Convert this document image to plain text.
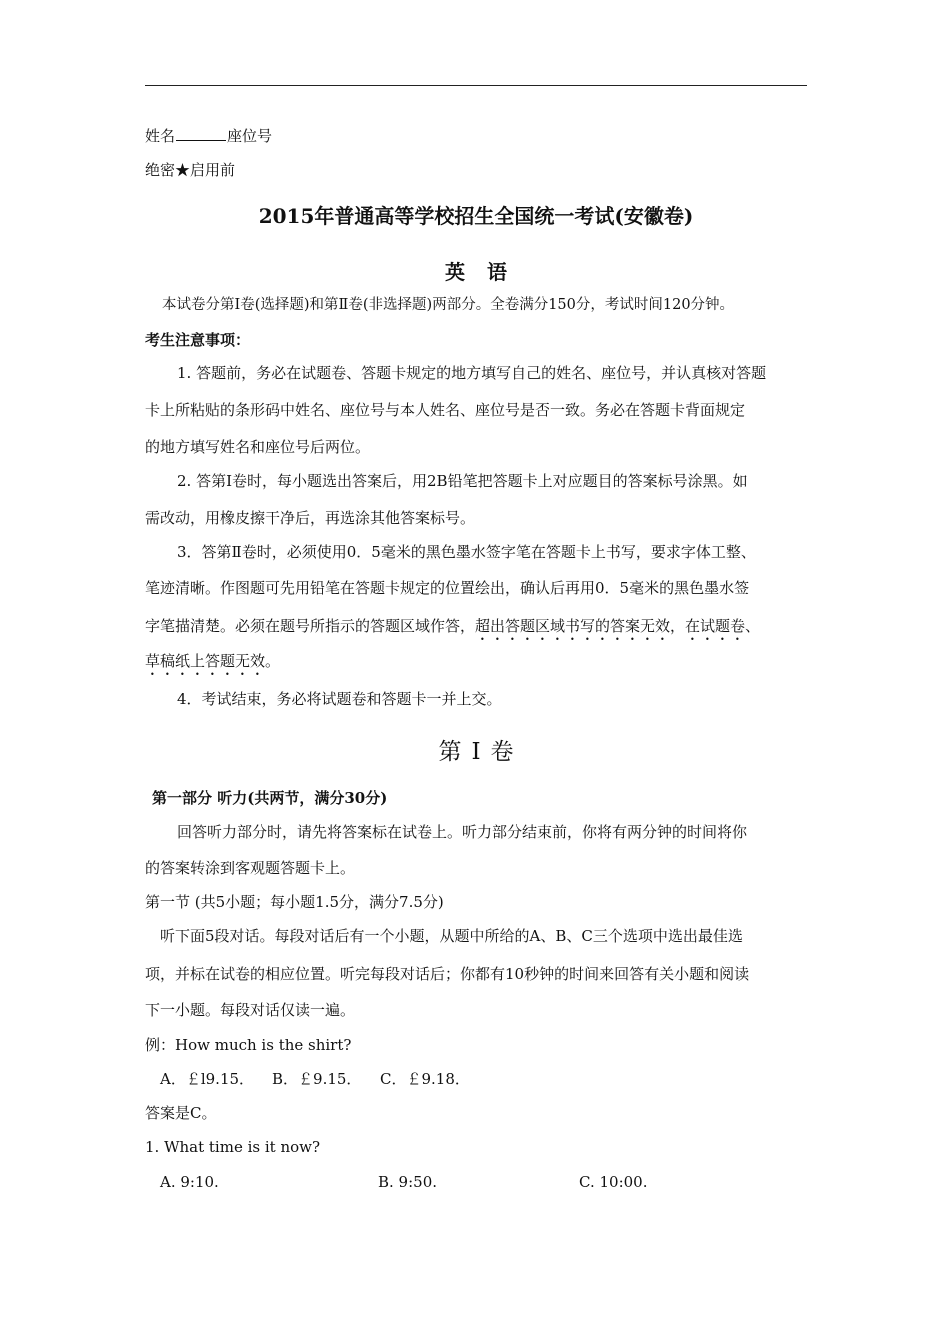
姓名	座位号
绝密★启用前
2015年普通高等学校招生全国统一考试(安徽卷)
英语
本试卷分第Ⅰ卷(选择题)和第Ⅱ卷(非选择题)两部分。全卷满分150分，考试时间120分钟。
考生注意事项：
1. 答题前，务必在试题卷、答题卡规定的地方填写自己的姓名、座位号，并认真核对答题
卡上所粘贴的条形码中姓名、座位号与本人姓名、座位号是否一致。务必在答题卡背面规定
的地方填写姓名和座位号后两位。
2. 答第Ⅰ卷时，每小题选出答案后，用2B铅笔把答题卡上对应题目的答案标号涂黑。如
需改动，用橡皮擦干净后，再选涂其他答案标号。
3．答第Ⅱ卷时，必须使用0．5毫米的黑色墨水签字笔在答题卡上书写，要求字体工整、
笔迹清晰。作图题可先用铅笔在答题卡规定的位置绘出，确认后再用0．5毫米的黑色墨水签
字笔描清楚。必须在题号所指示的答题区域作答，超出答题区域书写的答案无效，在试题卷、
草稿纸上答题无效。
4．考试结束，务必将试题卷和答题卡一并上交。
第Ⅰ卷
第一部分 听力(共两节，满分30分)
回答听力部分时，请先将答案标在试卷上。听力部分结束前，你将有两分钟的时间将你
的答案转涂到客观题答题卡上。
第一节 (共5小题；每小题1.5分，满分7.5分)
听下面5段对话。每段对话后有一个小题，从题中所给的A、B、C三个选项中选出最佳选
项，并标在试卷的相应位置。听完每段对话后；你都有10秒钟的时间来回答有关小题和阅读
下一小题。每段对话仅读一遍。
例：How much is the shirt?
A．￡l9.15． B．￡9.15． C．￡9.18．
答案是C。
1. What time is it now?
A. 9:10.	B. 9:50.	C. 10:00.
